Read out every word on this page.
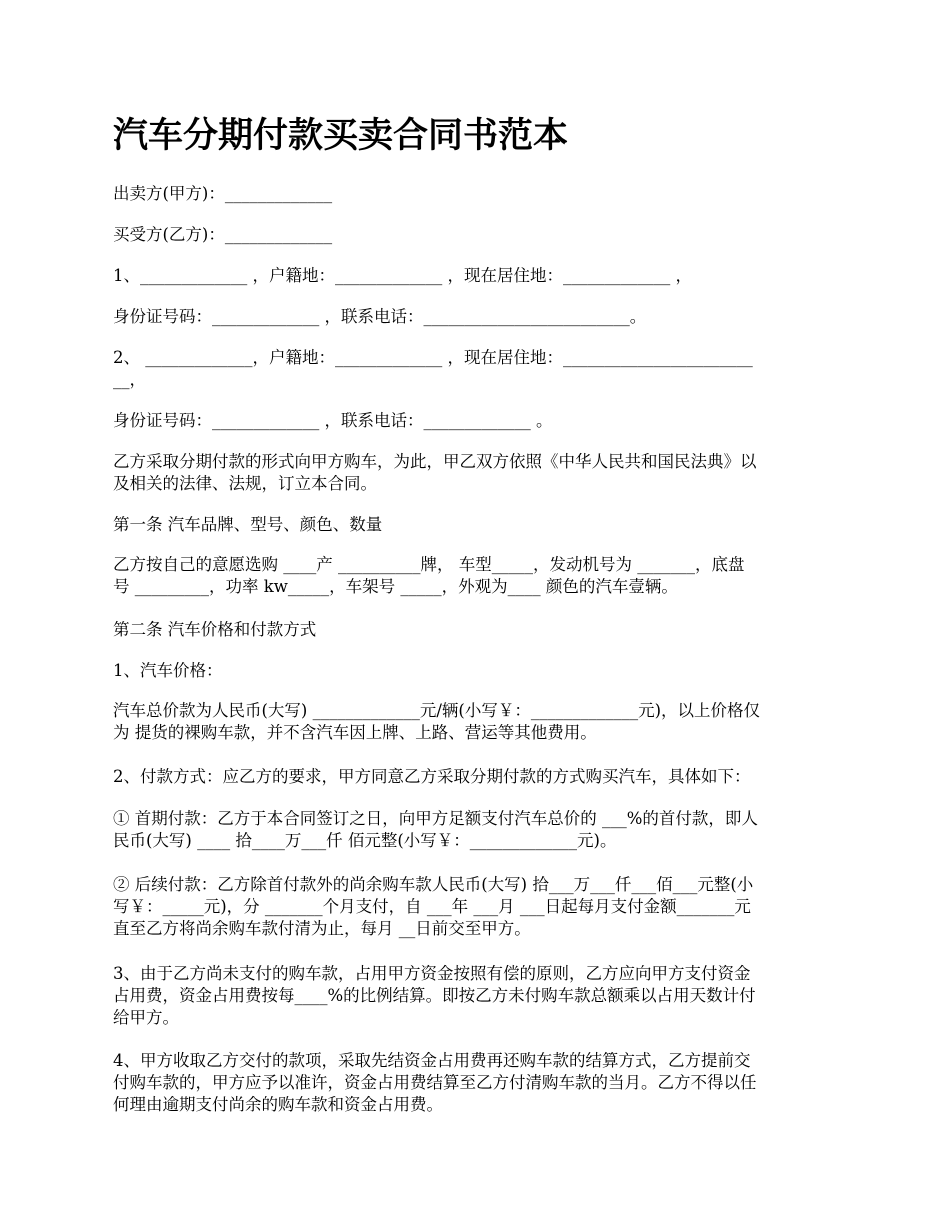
汽车分期付款买卖合同书范本

出卖方(甲方)：_____________

买受方(乙方)：_____________

1、_____________ ，户籍地：_____________ ，现在居住地：_____________ ，

身份证号码：_____________ ，联系电话：_________________________。

2、 _____________，户籍地：_____________ ，现在居住地：_______________________
__，

身份证号码：_____________ ，联系电话：_____________ 。

乙方采取分期付款的形式向甲方购车，为此，甲乙双方依照《中华人民共和国民法典》以
及相关的法律、法规，订立本合同。

第一条 汽车品牌、型号、颜色、数量

乙方按自己的意愿选购 ____产 __________牌， 车型_____，发动机号为 _______，底盘
号 _________，功率 kw_____，车架号 _____，外观为____ 颜色的汽车壹辆。

第二条 汽车价格和付款方式

1、汽车价格：

汽车总价款为人民币(大写) _____________元/辆(小写￥：_____________元)，以上价格仅
为 提货的裸购车款，并不含汽车因上牌、上路、营运等其他费用。

2、付款方式：应乙方的要求，甲方同意乙方采取分期付款的方式购买汽车，具体如下：

① 首期付款：乙方于本合同签订之日，向甲方足额支付汽车总价的 ___%的首付款，即人
民币(大写) ____ 拾____万___仟 佰元整(小写￥：_____________元)。

② 后续付款：乙方除首付款外的尚余购车款人民币(大写) 拾___万___仟___佰___元整(小
写￥：_____元)，分 _______个月支付，自 ___年 ___月 ___日起每月支付金额_______元
直至乙方将尚余购车款付清为止，每月 __日前交至甲方。

3、由于乙方尚未支付的购车款，占用甲方资金按照有偿的原则，乙方应向甲方支付资金
占用费，资金占用费按每____%的比例结算。即按乙方未付购车款总额乘以占用天数计付
给甲方。

4、甲方收取乙方交付的款项，采取先结资金占用费再还购车款的结算方式，乙方提前交
付购车款的，甲方应予以准许，资金占用费结算至乙方付清购车款的当月。乙方不得以任
何理由逾期支付尚余的购车款和资金占用费。
